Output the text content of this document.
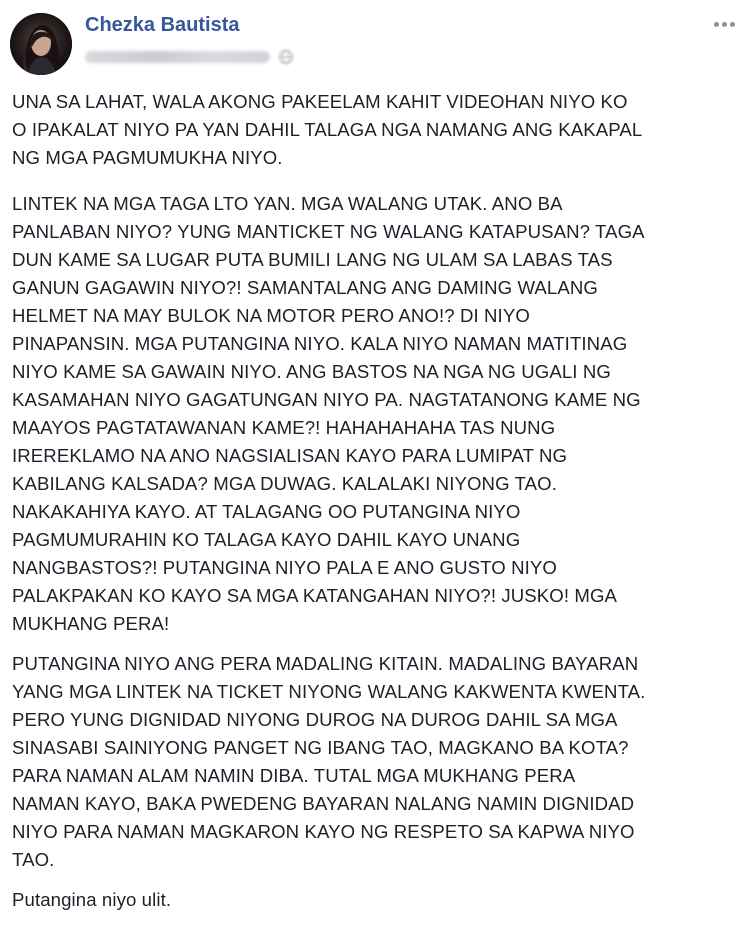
Chezka Bautista

UNA SA LAHAT, WALA AKONG PAKEELAM KAHIT VIDEOHAN NIYO KO
O IPAKALAT NIYO PA YAN DAHIL TALAGA NGA NAMANG ANG KAKAPAL
NG MGA PAGMUMUKHA NIYO.

LINTEK NA MGA TAGA LTO YAN. MGA WALANG UTAK. ANO BA
PANLABAN NIYO? YUNG MANTICKET NG WALANG KATAPUSAN? TAGA
DUN KAME SA LUGAR PUTA BUMILI LANG NG ULAM SA LABAS TAS
GANUN GAGAWIN NIYO?! SAMANTALANG ANG DAMING WALANG
HELMET NA MAY BULOK NA MOTOR PERO ANO!? DI NIYO
PINAPANSIN. MGA PUTANGINA NIYO. KALA NIYO NAMAN MATITINAG
NIYO KAME SA GAWAIN NIYO. ANG BASTOS NA NGA NG UGALI NG
KASAMAHAN NIYO GAGATUNGAN NIYO PA. NAGTATANONG KAME NG
MAAYOS PAGTATAWANAN KAME?! HAHAHAHAHA TAS NUNG
IREREKLAMO NA ANO NAGSIALISAN KAYO PARA LUMIPAT NG
KABILANG KALSADA? MGA DUWAG. KALALAKI NIYONG TAO.
NAKAKAHIYA KAYO. AT TALAGANG OO PUTANGINA NIYO
PAGMUMURAHIN KO TALAGA KAYO DAHIL KAYO UNANG
NANGBASTOS?! PUTANGINA NIYO PALA E ANO GUSTO NIYO
PALAKPAKAN KO KAYO SA MGA KATANGAHAN NIYO?! JUSKO! MGA
MUKHANG PERA!

PUTANGINA NIYO ANG PERA MADALING KITAIN. MADALING BAYARAN
YANG MGA LINTEK NA TICKET NIYONG WALANG KAKWENTA KWENTA.
PERO YUNG DIGNIDAD NIYONG DUROG NA DUROG DAHIL SA MGA
SINASABI SAINIYONG PANGET NG IBANG TAO, MAGKANO BA KOTA?
PARA NAMAN ALAM NAMIN DIBA. TUTAL MGA MUKHANG PERA
NAMAN KAYO, BAKA PWEDENG BAYARAN NALANG NAMIN DIGNIDAD
NIYO PARA NAMAN MAGKARON KAYO NG RESPETO SA KAPWA NIYO
TAO.

Putangina niyo ulit.
